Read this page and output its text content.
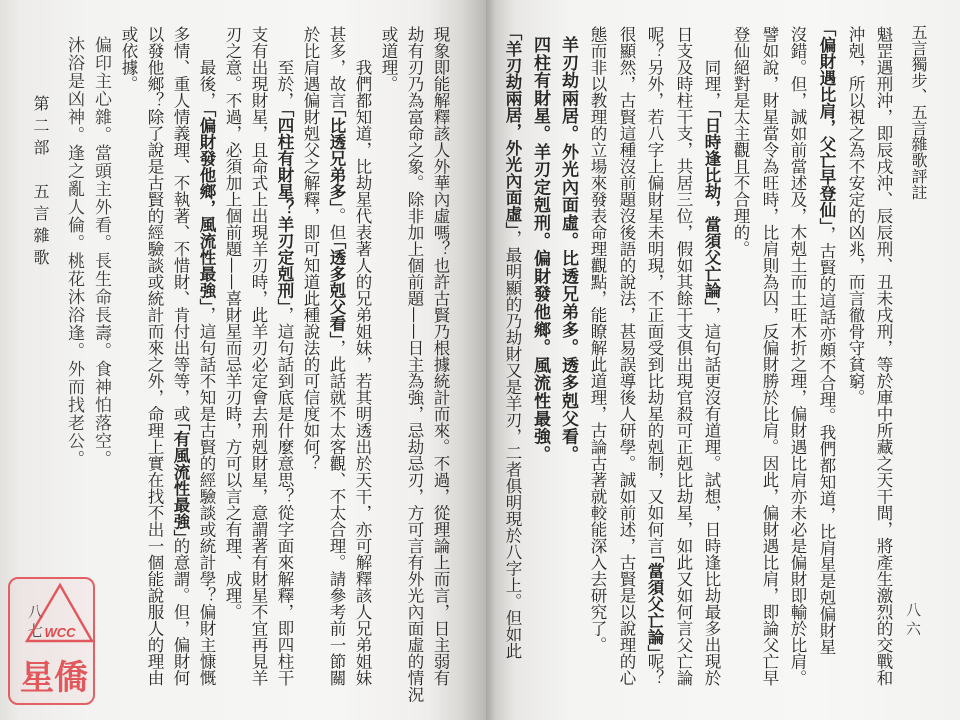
五言獨步、五言雜歌評註
八六
魁罡遇刑沖，即辰戌沖、辰辰刑、丑未戌刑，等於庫中所藏之天干間，將產生激烈的交戰和
沖剋，所以視之為不安定的凶兆，而言徹骨守貧窮。
「偏財遇比肩，父亡早登仙」，古賢的這話亦頗不合理。我們都知道，比肩星是剋偏財星
沒錯。但，誠如前當述及，木剋土而土旺木折之理，偏財遇比肩亦未必是偏財即輸於比肩。
譬如說，財星當令為旺時，比肩則為囚，反偏財勝於比肩。因此，偏財遇比肩，即論父亡早
登仙絕對是太主觀且不合理的。
同理，「日時逢比劫，當須父亡論」，這句話更沒有道理。試想，日時逢比劫最多出現於
日支及時柱干支，共居三位，假如其餘干支俱出現官殺可正剋比劫星，如此又如何言父亡論
呢？另外，若八字上偏財星未明現，不正面受到比劫星的剋制，又如何言「當須父亡論」呢？
很顯然，古賢這種沒前題沒後語的說法，甚易誤導後人研學。誠如前述，古賢是以說理的心
態而非以教理的立場來發表命理觀點，能瞭解此道理，古論古著就較能深入去研究了。
羊刃劫兩居。外光內面虛。比透兄弟多。透多剋父看。
四柱有財星。羊刃定剋刑。偏財發他鄉。風流性最強。
「羊刃劫兩居，外光內面虛」，最明顯的乃劫財又是羊刃，二者俱明現於八字上。但如此
現象即能解釋該人外華內虛嗎？也許古賢乃根據統計而來。不過，從理論上而言，日主弱有
劫有刃乃為富命之象。除非加上個前題——日主為強，忌劫忌刃，方可言有外光內面虛的情況
或道理。
我們都知道，比劫星代表著人的兄弟姐妹，若其明透出於天干，亦可解釋該人兄弟姐妹
甚多，故言「比透兄弟多」。但「透多剋父看」，此話就不太客觀、不太合理。請參考前一節關
於比肩遇偏財剋父之解釋，即可知道此種說法的可信度如何？
至於，「四柱有財星？羊刃定剋刑」，這句話到底是什麼意思？從字面來解釋，即四柱干
支有出現財星，且命式上出現羊刃時，此羊刃必定會去刑剋財星，意謂著有財星不宜再見羊
刃之意。不過，必須加上個前題——喜財星而忌羊刃時，方可以言之有理、成理。
最後，「偏財發他鄉，風流性最強」，這句話不知是古賢的經驗談或統計學？偏財主慷慨
多情、重人情義理、不執著、不惜財、肯付出等等，或「有風流性最強」的意謂。但，偏財何
以發他鄉？除了說是古賢的經驗談或統計而來之外，命理上實在找不出一個能說服人的理由
或依據。
偏印主心雜。當頭主外看。長生命長壽。食神怕落空。
沐浴是凶神。逢之亂人倫。桃花沐浴逢。外而找老公。
第二部　五言雜歌
WCC
星僑
